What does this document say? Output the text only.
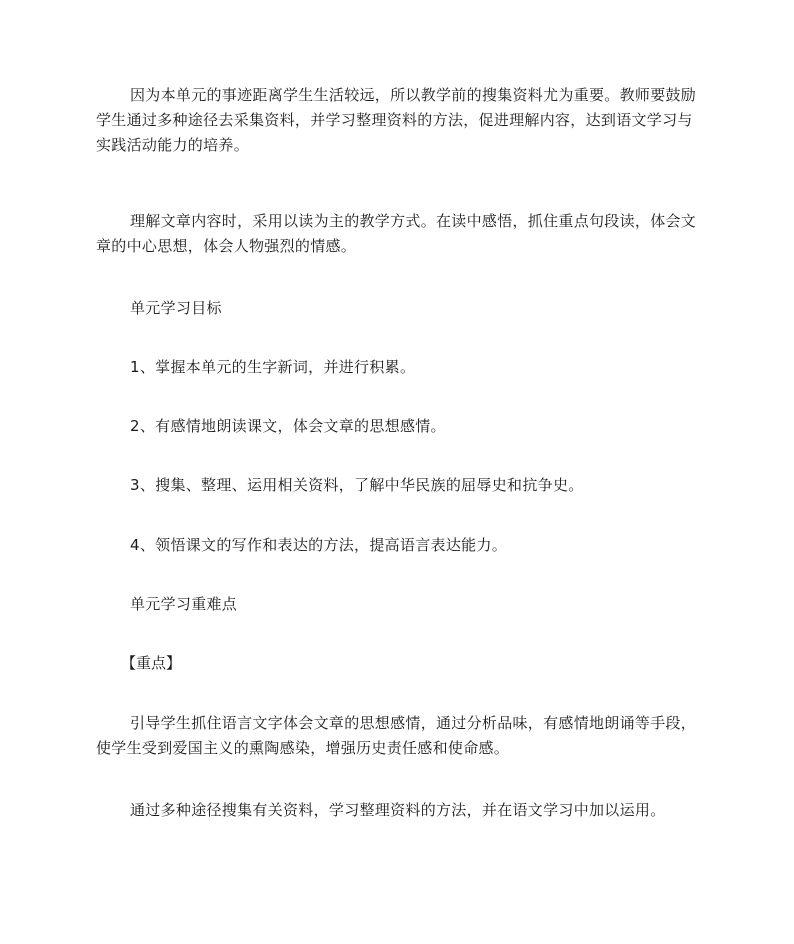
因为本单元的事迹距离学生生活较远，所以教学前的搜集资料尤为重要。教师要鼓励学生通过多种途径去采集资料，并学习整理资料的方法，促进理解内容，达到语文学习与实践活动能力的培养。

理解文章内容时，采用以读为主的教学方式。在读中感悟，抓住重点句段读，体会文章的中心思想，体会人物强烈的情感。

单元学习目标

1、掌握本单元的生字新词，并进行积累。

2、有感情地朗读课文，体会文章的思想感情。

3、搜集、整理、运用相关资料，了解中华民族的屈辱史和抗争史。

4、领悟课文的写作和表达的方法，提高语言表达能力。

单元学习重难点

【重点】

引导学生抓住语言文字体会文章的思想感情，通过分析品味，有感情地朗诵等手段，使学生受到爱国主义的熏陶感染，增强历史责任感和使命感。

通过多种途径搜集有关资料，学习整理资料的方法，并在语文学习中加以运用。
